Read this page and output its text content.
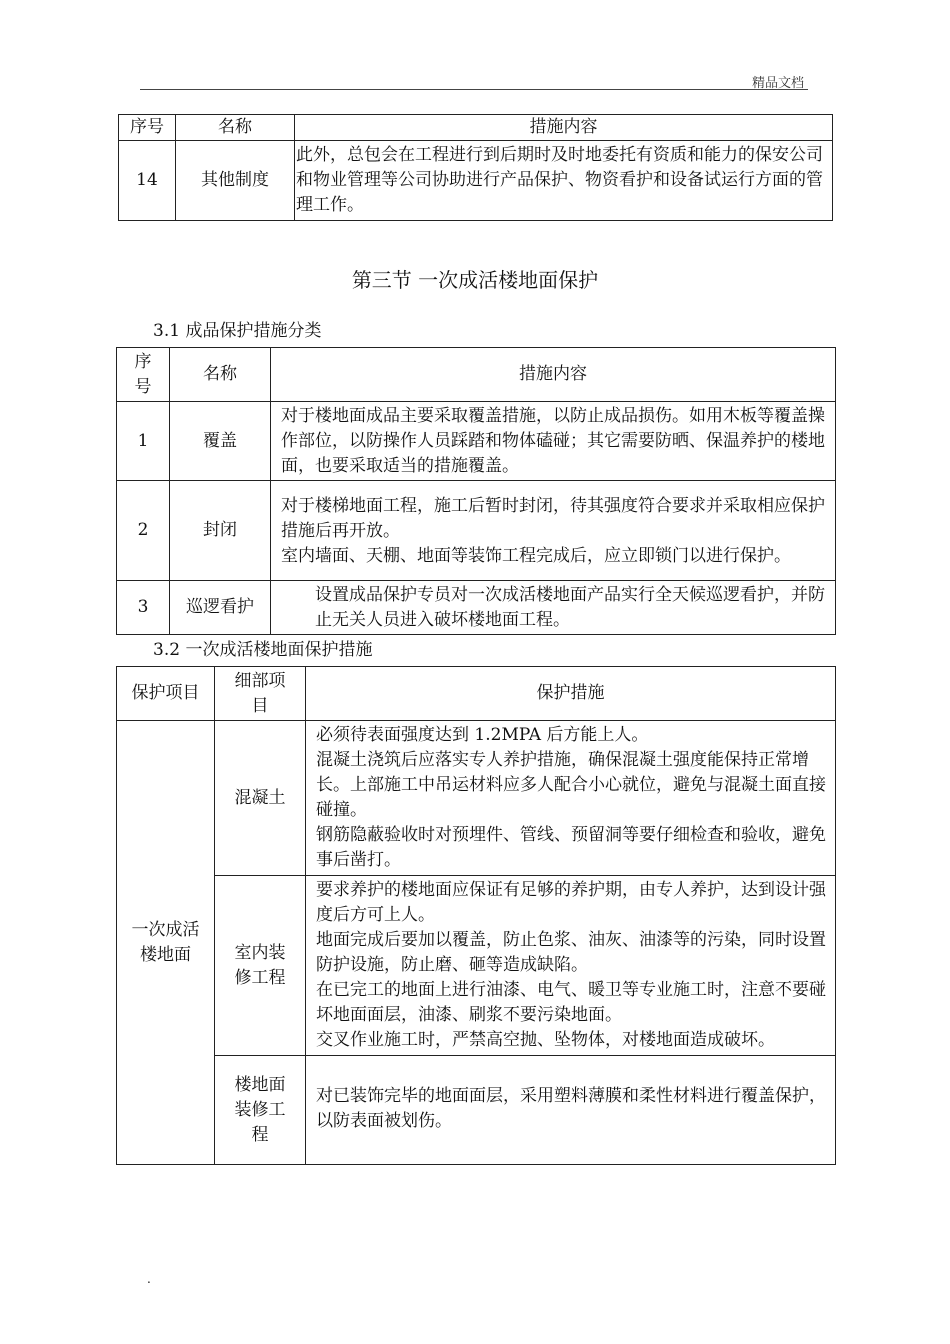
精品文档
序号	名称	措施内容
14	其他制度	此外，总包会在工程进行到后期时及时地委托有资质和能力的保安公司和物业管理等公司协助进行产品保护、物资看护和设备试运行方面的管理工作。
第三节 一次成活楼地面保护
3.1 成品保护措施分类
序号	名称	措施内容
1	覆盖	对于楼地面成品主要采取覆盖措施，以防止成品损伤。如用木板等覆盖操作部位，以防操作人员踩踏和物体磕碰；其它需要防晒、保温养护的楼地面，也要采取适当的措施覆盖。

2	封闭	对于楼梯地面工程，施工后暂时封闭，待其强度符合要求并采取相应保护措施后再开放。
室内墙面、天棚、地面等装饰工程完成后，应立即锁门以进行保护。

3	巡逻看护	设置成品保护专员对一次成活楼地面产品实行全天候巡逻看护，并防止无关人员进入破坏楼地面工程。
3.2 一次成活楼地面保护措施
保护项目	细部项目	保护措施
一次成活楼地面	混凝土	必须待表面强度达到 1.2MPA 后方能上人。
混凝土浇筑后应落实专人养护措施，确保混凝土强度能保持正常增长。上部施工中吊运材料应多人配合小心就位，避免与混凝土面直接碰撞。
钢筋隐蔽验收时对预埋件、管线、预留洞等要仔细检查和验收，避免事后凿打。

	室内装修工程	要求养护的楼地面应保证有足够的养护期，由专人养护，达到设计强度后方可上人。
地面完成后要加以覆盖，防止色浆、油灰、油漆等的污染，同时设置防护设施，防止磨、砸等造成缺陷。
在已完工的地面上进行油漆、电气、暖卫等专业施工时，注意不要碰坏地面面层，油漆、刷浆不要污染地面。
交叉作业施工时，严禁高空抛、坠物体，对楼地面造成破坏。

	楼地面装修工程	对已装饰完毕的地面面层，采用塑料薄膜和柔性材料进行覆盖保护，以防表面被划伤。
.
